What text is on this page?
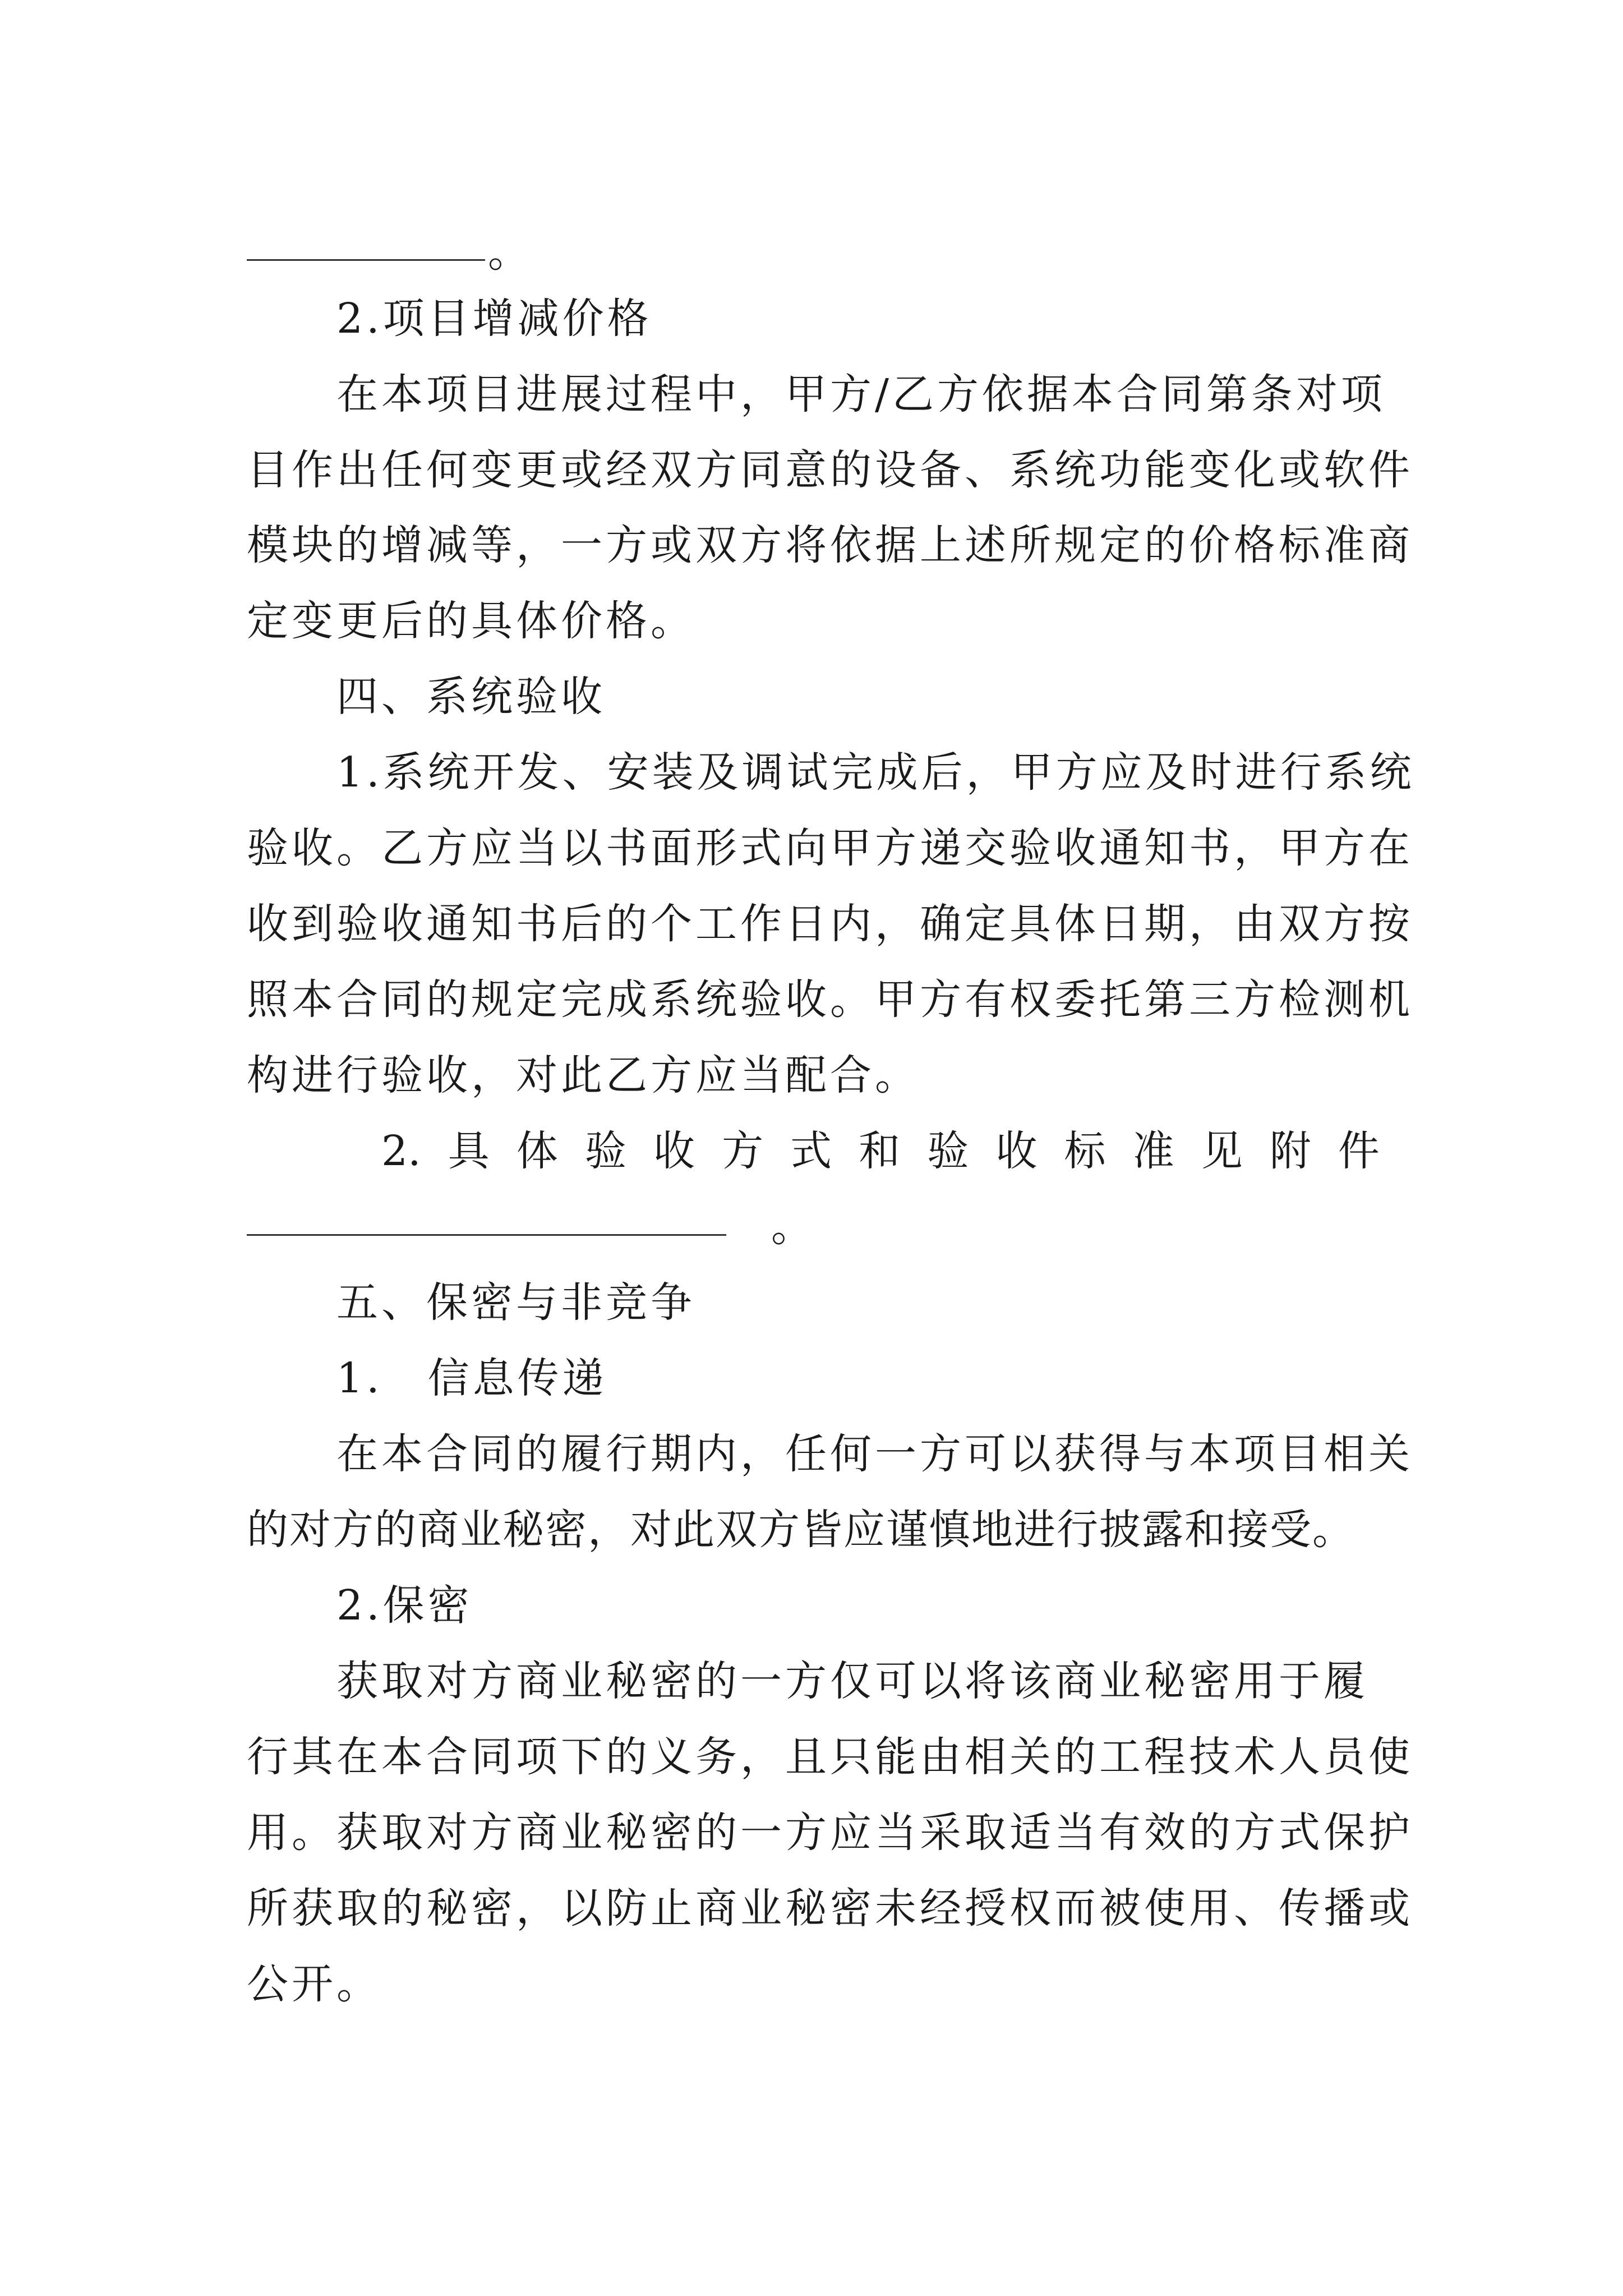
。
2.项目增减价格
在本项目进展过程中，甲方/乙方依据本合同第条对项
目作出任何变更或经双方同意的设备、系统功能变化或软件
模块的增减等，一方或双方将依据上述所规定的价格标准商
定变更后的具体价格。
四、系统验收
1.系统开发、安装及调试完成后，甲方应及时进行系统
验收。乙方应当以书面形式向甲方递交验收通知书，甲方在
收到验收通知书后的个工作日内，确定具体日期，由双方按
照本合同的规定完成系统验收。甲方有权委托第三方检测机
构进行验收，对此乙方应当配合。
2. 具 体 验 收 方 式 和 验 收 标 准 见 附 件
。
五、保密与非竞争
1.　信息传递
在本合同的履行期内，任何一方可以获得与本项目相关
的对方的商业秘密，对此双方皆应谨慎地进行披露和接受。
2.保密
获取对方商业秘密的一方仅可以将该商业秘密用于履
行其在本合同项下的义务，且只能由相关的工程技术人员使
用。获取对方商业秘密的一方应当采取适当有效的方式保护
所获取的秘密，以防止商业秘密未经授权而被使用、传播或
公开。
